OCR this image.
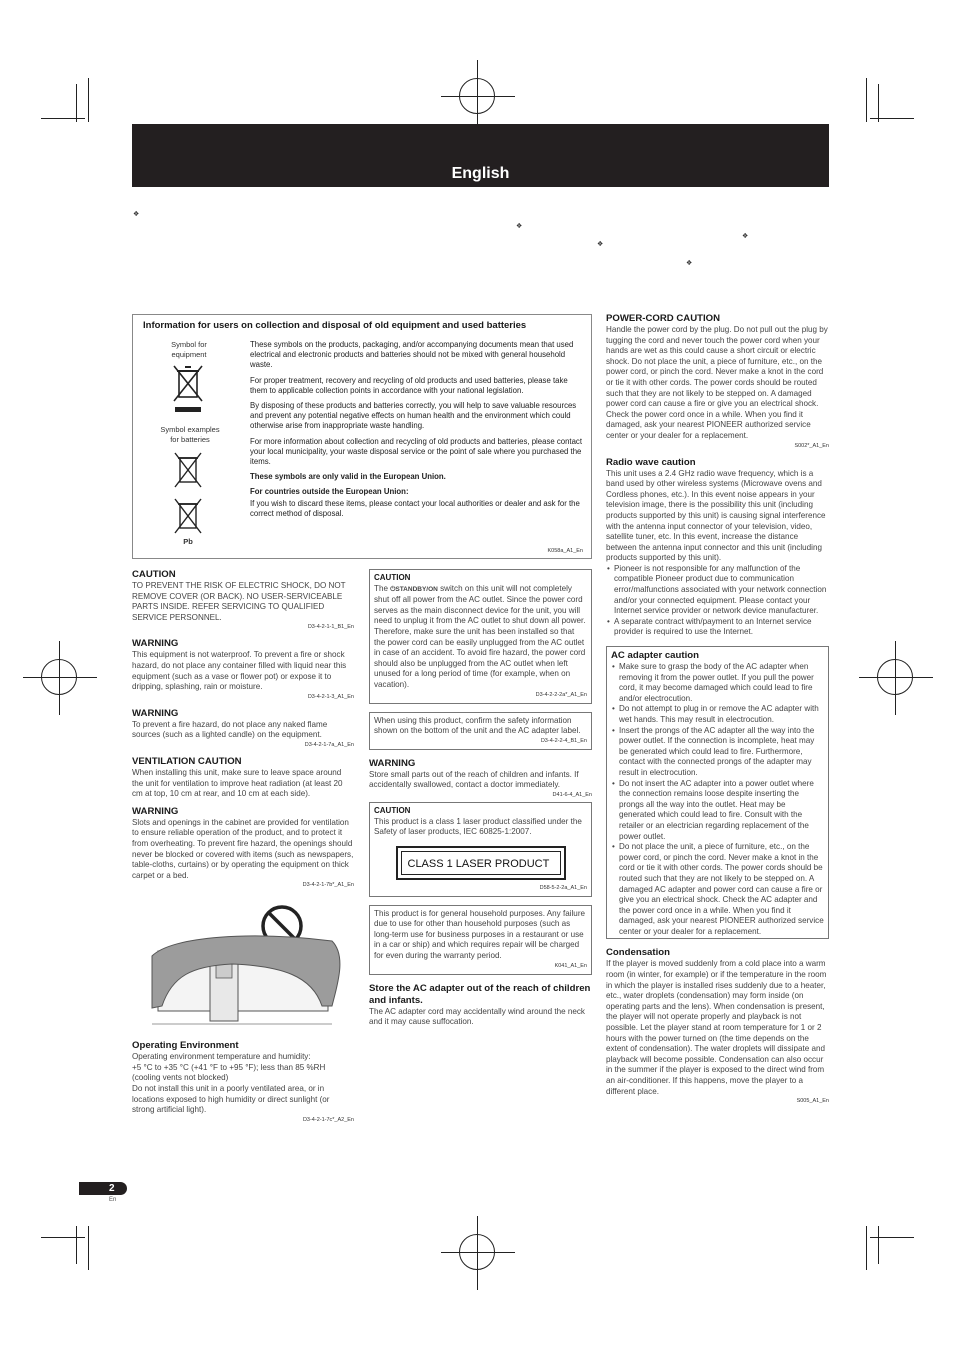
English
❖
❖
❖
❖
❖
Information for users on collection and disposal of old equipment and used batteries
Symbol for
equipment
Symbol examples
for batteries
Pb

These symbols on the products, packaging, and/or accompanying documents mean that used electrical and electronic products and batteries should not be mixed with general household waste.

For proper treatment, recovery and recycling of old products and used batteries, please take them to applicable collection points in accordance with your national legislation.

By disposing of these products and batteries correctly, you will help to save valuable resources and prevent any potential negative effects on human health and the environment which could otherwise arise from inappropriate waste handling.

For more information about collection and recycling of old products and batteries, please contact your local municipality, your waste disposal service or the point of sale where you purchased the items.

These symbols are only valid in the European Union.

For countries outside the European Union:

If you wish to discard these items, please contact your local authorities or dealer and ask for the correct method of disposal.

K058a_A1_En
CAUTION

TO PREVENT THE RISK OF ELECTRIC SHOCK, DO NOT REMOVE COVER (OR BACK). NO USER-SERVICEABLE PARTS INSIDE. REFER SERVICING TO QUALIFIED SERVICE PERSONNEL.

D3-4-2-1-1_B1_En
WARNING

This equipment is not waterproof. To prevent a fire or shock hazard, do not place any container filled with liquid near this equipment (such as a vase or flower pot) or expose it to dripping, splashing, rain or moisture.

D3-4-2-1-3_A1_En
WARNING

To prevent a fire hazard, do not place any naked flame sources (such as a lighted candle) on the equipment.

D3-4-2-1-7a_A1_En
VENTILATION CAUTION

When installing this unit, make sure to leave space around the unit for ventilation to improve heat radiation (at least 20 cm at top, 10 cm at rear, and 10 cm at each side).

WARNING

Slots and openings in the cabinet are provided for ventilation to ensure reliable operation of the product, and to protect it from overheating. To prevent fire hazard, the openings should never be blocked or covered with items (such as newspapers, table-cloths, curtains) or by operating the equipment on thick carpet or a bed.

D3-4-2-1-7b*_A1_En
Operating Environment

Operating environment temperature and humidity:

+5 °C to +35 °C (+41 °F to +95 °F); less than 85 %RH (cooling vents not blocked)

Do not install this unit in a poorly ventilated area, or in locations exposed to high humidity or direct sunlight (or strong artificial light).

D3-4-2-1-7c*_A2_En
CAUTION

The ⏻STANDBY/ON switch on this unit will not completely shut off all power from the AC outlet. Since the power cord serves as the main disconnect device for the unit, you will need to unplug it from the AC outlet to shut down all power. Therefore, make sure the unit has been installed so that the power cord can be easily unplugged from the AC outlet in case of an accident. To avoid fire hazard, the power cord should also be unplugged from the AC outlet when left unused for a long period of time (for example, when on vacation).

D3-4-2-2-2a*_A1_En

When using this product, confirm the safety information shown on the bottom of the unit and the AC adapter label.

D3-4-2-2-4_B1_En
WARNING

Store small parts out of the reach of children and infants. If accidentally swallowed, contact a doctor immediately.

D41-6-4_A1_En
CAUTION

This product is a class 1 laser product classified under the Safety of laser products, IEC 60825-1:2007.

CLASS 1 LASER PRODUCT
D58-5-2-2a_A1_En

This product is for general household purposes. Any failure due to use for other than household purposes (such as long-term use for business purposes in a restaurant or use in a car or ship) and which requires repair will be charged for even during the warranty period.

K041_A1_En
Store the AC adapter out of the reach of children and infants.

The AC adapter cord may accidentally wind around the neck and it may cause suffocation.

POWER-CORD CAUTION

Handle the power cord by the plug. Do not pull out the plug by tugging the cord and never touch the power cord when your hands are wet as this could cause a short circuit or electric shock. Do not place the unit, a piece of furniture, etc., on the power cord, or pinch the cord. Never make a knot in the cord or tie it with other cords. The power cords should be routed such that they are not likely to be stepped on. A damaged power cord can cause a fire or give you an electrical shock. Check the power cord once in a while. When you find it damaged, ask your nearest PIONEER authorized service center or your dealer for a replacement.

S002*_A1_En
Radio wave caution

This unit uses a 2.4 GHz radio wave frequency, which is a band used by other wireless systems (Microwave ovens and Cordless phones, etc.). In this event noise appears in your television image, there is the possibility this unit (including products supported by this unit) is causing signal interference with the antenna input connector of your television, video, satellite tuner, etc. In this event, increase the distance between the antenna input connector and this unit (including products supported by this unit).

• Pioneer is not responsible for any malfunction of the compatible Pioneer product due to communication error/malfunctions associated with your network connection and/or your connected equipment. Please contact your Internet service provider or network device manufacturer.
• A separate contract with/payment to an Internet service provider is required to use the Internet.
AC adapter caution
• Make sure to grasp the body of the AC adapter when removing it from the power outlet. If you pull the power cord, it may become damaged which could lead to fire and/or electrocution.
• Do not attempt to plug in or remove the AC adapter with wet hands. This may result in electrocution.
• Insert the prongs of the AC adapter all the way into the power outlet. If the connection is incomplete, heat may be generated which could lead to fire. Furthermore, contact with the connected prongs of the adapter may result in electrocution.
• Do not insert the AC adapter into a power outlet where the connection remains loose despite inserting the prongs all the way into the outlet. Heat may be generated which could lead to fire. Consult with the retailer or an electrician regarding replacement of the power outlet.
• Do not place the unit, a piece of furniture, etc., on the power cord, or pinch the cord. Never make a knot in the cord or tie it with other cords. The power cords should be routed such that they are not likely to be stepped on. A damaged AC adapter and power cord can cause a fire or give you an electrical shock. Check the AC adapter and the power cord once in a while. When you find it damaged, ask your nearest PIONEER authorized service center or your dealer for a replacement.
Condensation

If the player is moved suddenly from a cold place into a warm room (in winter, for example) or if the temperature in the room in which the player is installed rises suddenly due to a heater, etc., water droplets (condensation) may form inside (on operating parts and the lens). When condensation is present, the player will not operate properly and playback is not possible. Let the player stand at room temperature for 1 or 2 hours with the power turned on (the time depends on the extent of condensation). The water droplets will dissipate and playback will become possible. Condensation can also occur in the summer if the player is exposed to the direct wind from an air-conditioner. If this happens, move the player to a different place.

S005_A1_En
2
En
